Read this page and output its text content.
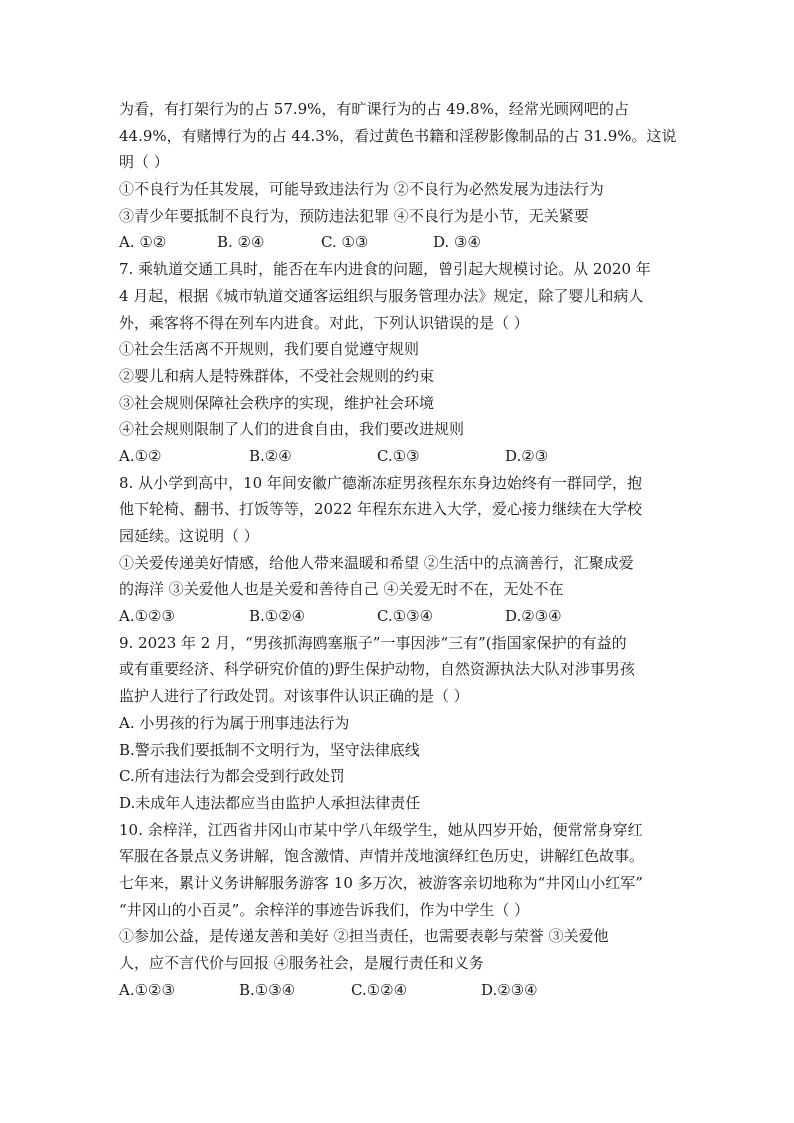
为看，有打架行为的占 57.9%，有旷课行为的占 49.8%，经常光顾网吧的占
44.9%，有赌博行为的占 44.3%，看过黄色书籍和淫秽影像制品的占 31.9%。这说
明（ ）
①不良行为任其发展，可能导致违法行为 ②不良行为必然发展为违法行为
③青少年要抵制不良行为，预防违法犯罪 ④不良行为是小节，无关紧要
A. ①②	B. ②④	C. ①③	D. ③④
7. 乘轨道交通工具时，能否在车内进食的问题，曾引起大规模讨论。从 2020 年
4 月起，根据《城市轨道交通客运组织与服务管理办法》规定，除了婴儿和病人
外，乘客将不得在列车内进食。对此，下列认识错误的是（ ）
①社会生活离不开规则，我们要自觉遵守规则
②婴儿和病人是特殊群体，不受社会规则的约束
③社会规则保障社会秩序的实现，维护社会环境
④社会规则限制了人们的进食自由，我们要改进规则
A.①②	B.②④	C.①③	D.②③
8. 从小学到高中，10 年间安徽广德渐冻症男孩程东东身边始终有一群同学，抱
他下轮椅、翻书、打饭等等，2022 年程东东进入大学，爱心接力继续在大学校
园延续。这说明（ ）
①关爱传递美好情感，给他人带来温暖和希望 ②生活中的点滴善行，汇聚成爱
的海洋 ③关爱他人也是关爱和善待自己 ④关爱无时不在，无处不在
A.①②③	B.①②④	C.①③④	D.②③④
9. 2023 年 2 月，“男孩抓海鸥塞瓶子”一事因涉“三有”(指国家保护的有益的
或有重要经济、科学研究价值的)野生保护动物，自然资源执法大队对涉事男孩
监护人进行了行政处罚。对该事件认识正确的是（ ）
A. 小男孩的行为属于刑事违法行为
B.警示我们要抵制不文明行为，坚守法律底线
C.所有违法行为都会受到行政处罚
D.未成年人违法都应当由监护人承担法律责任
10. 余梓洋，江西省井冈山市某中学八年级学生，她从四岁开始，便常常身穿红
军服在各景点义务讲解，饱含激情、声情并茂地演绎红色历史，讲解红色故事。
七年来，累计义务讲解服务游客 10 多万次，被游客亲切地称为“井冈山小红军”
“井冈山的小百灵”。余梓洋的事迹告诉我们，作为中学生（ ）
①参加公益，是传递友善和美好 ②担当责任，也需要表彰与荣誉 ③关爱他
人，应不言代价与回报 ④服务社会，是履行责任和义务
A.①②③	B.①③④	C.①②④	D.②③④
